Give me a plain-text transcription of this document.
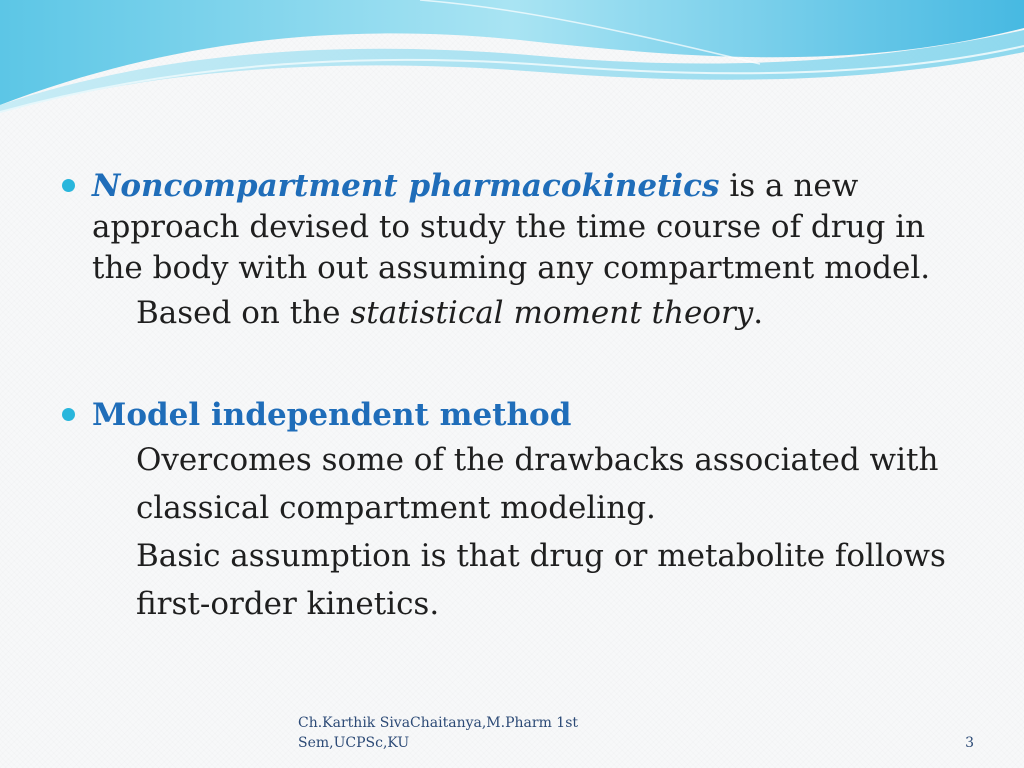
Noncompartment pharmacokinetics is a new approach devised to study the time course of drug in the body with out assuming any compartment model.

Based on the statistical moment theory.

Model independent method

Overcomes some of the drawbacks associated with

classical compartment modeling.

Basic assumption is that drug or metabolite follows

first-order kinetics.

Ch.Karthik SivaChaitanya,M.Pharm 1st Sem,UCPSc,KU	3
